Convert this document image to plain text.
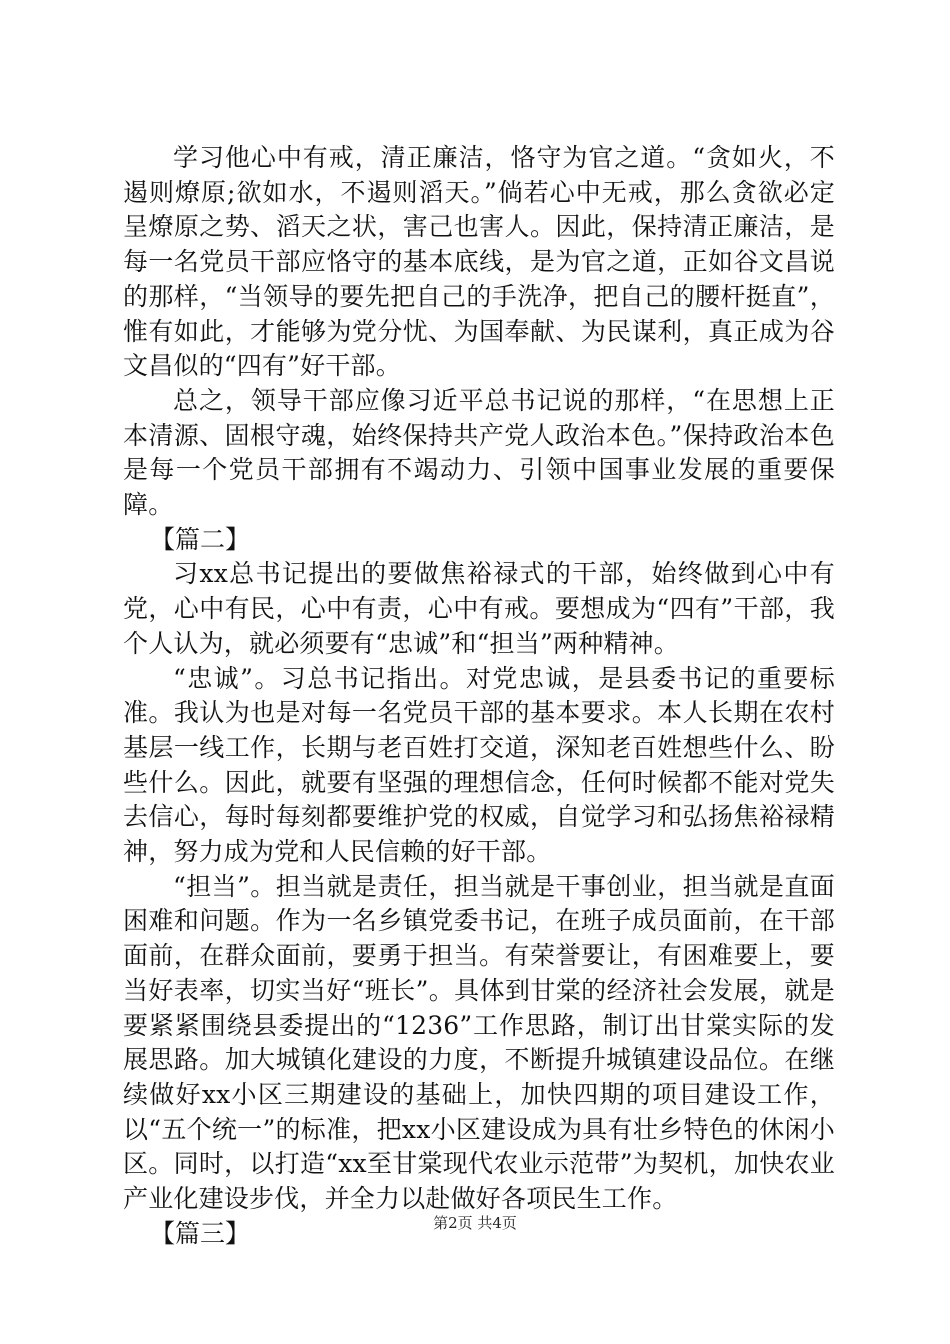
学习他心中有戒，清正廉洁，恪守为官之道。“贪如火，不遏则燎原;欲如水，不遏则滔天。”倘若心中无戒，那么贪欲必定呈燎原之势、滔天之状，害己也害人。因此，保持清正廉洁，是每一名党员干部应恪守的基本底线，是为官之道，正如谷文昌说的那样，“当领导的要先把自己的手洗净，把自己的腰杆挺直”，惟有如此，才能够为党分忧、为国奉献、为民谋利，真正成为谷文昌似的“四有”好干部。

总之，领导干部应像习近平总书记说的那样，“在思想上正本清源、固根守魂，始终保持共产党人政治本色。”保持政治本色是每一个党员干部拥有不竭动力、引领中国事业发展的重要保障。

【篇二】

习xx总书记提出的要做焦裕禄式的干部，始终做到心中有党，心中有民，心中有责，心中有戒。要想成为“四有”干部，我个人认为，就必须要有“忠诚”和“担当”两种精神。

“忠诚”。习总书记指出。对党忠诚，是县委书记的重要标准。我认为也是对每一名党员干部的基本要求。本人长期在农村基层一线工作，长期与老百姓打交道，深知老百姓想些什么、盼些什么。因此，就要有坚强的理想信念，任何时候都不能对党失去信心，每时每刻都要维护党的权威，自觉学习和弘扬焦裕禄精神，努力成为党和人民信赖的好干部。

“担当”。担当就是责任，担当就是干事创业，担当就是直面困难和问题。作为一名乡镇党委书记，在班子成员面前，在干部面前，在群众面前，要勇于担当。有荣誉要让，有困难要上，要当好表率，切实当好“班长”。具体到甘棠的经济社会发展，就是要紧紧围绕县委提出的“1236”工作思路，制订出甘棠实际的发展思路。加大城镇化建设的力度，不断提升城镇建设品位。在继续做好xx小区三期建设的基础上，加快四期的项目建设工作，以“五个统一”的标准，把xx小区建设成为具有壮乡特色的休闲小区。同时，以打造“xx至甘棠现代农业示范带”为契机，加快农业产业化建设步伐，并全力以赴做好各项民生工作。

【篇三】	第2页 共4页
